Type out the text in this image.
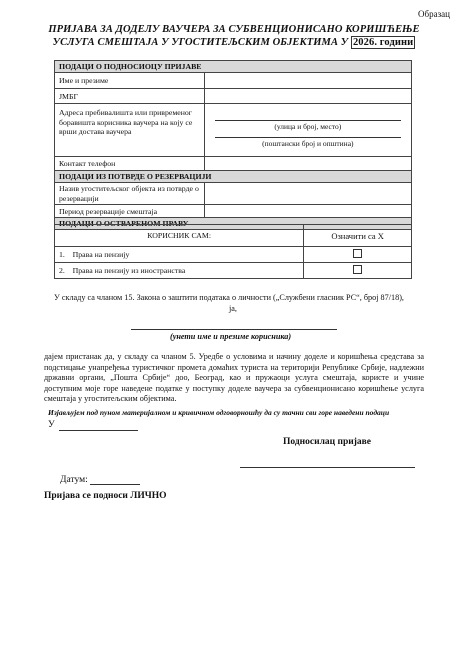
Образац
ПРИЈАВА ЗА ДОДЕЛУ ВАУЧЕРА ЗА СУБВЕНЦИОНИСАНО КОРИШЋЕЊЕ
УСЛУГА СМЕШТАЈА У УГОСТИТЕЉСКИМ ОБЈЕКТИМА У 2026. години
ПОДАЦИ О ПОДНОСИОЦУ ПРИЈАВЕ	
Име и презиме	
ЈМБГ	
Адреса пребивалишта или привременог боравишта корисника ваучера на коју се врши достава ваучера	(улица и број, место)
(поштански број и општина)

Контакт телефон	
ПОДАЦИ ИЗ ПОТВРДЕ О РЕЗЕРВАЦИЈИ	
Назив угоститељског објекта из потврде о резервацији	
Период резервације смештаја	
ПОДАЦИ О ОСТВАРЕНОМ ПРАВУ	
КОРИСНИК САМ:	Означити са Х
1. Права на пензију	
2. Права на пензију из иностранства	
У складу са чланом 15. Закона о заштити података о личности („Службени гласник РС“, број 87/18),
ја,
(унети име и презиме корисника)
дајем пристанак да, у складу са чланом 5. Уредбе о условима и начину доделе и коришћења средстава за подстицање унапређења туристичког промета домаћих туриста на територији Републике Србије, надлежни државни органи, „Пошта Србије“ доо, Београд, као и пружаоци услуга смештаја, користе и учине доступним моје горе наведене податке у поступку доделе ваучера за субвенционисано коришћење услуга смештаја у угоститељским објектима.
Изјављујем под пуном материјалном и кривичном одговорношћу да су тачни сви горе наведени подаци
Подносилац пријаве
У
Датум:
Пријава се подноси ЛИЧНО
